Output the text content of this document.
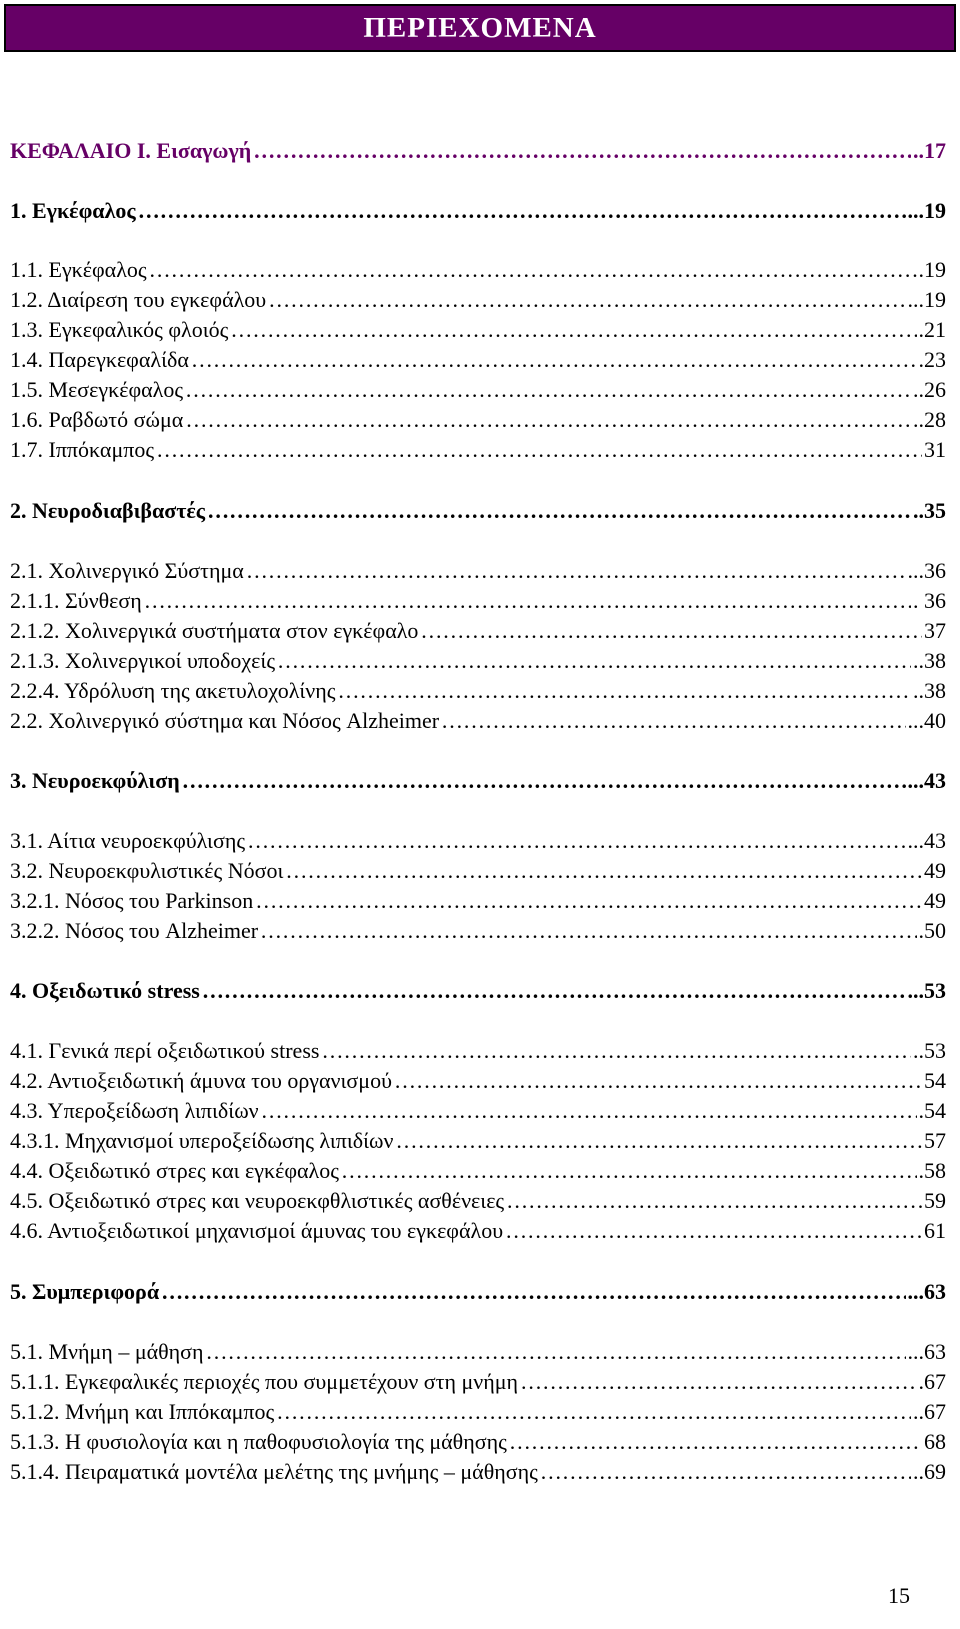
ΠΕΡΙΕΧΟΜΕΝΑ
ΚΕΦΑΛΑΙΟ Ι. Εισαγωγή ……………………………………………………………………………………………………………………………………………………………………………………………………………………	..17
1. Εγκέφαλος ……………………………………………………………………………………………………………………………………………………………………………………………………………………	...19
1.1. Εγκέφαλος ……………………………………………………………………………………………………………………………………………………………………………………………………………………	.19
1.2. Διαίρεση του εγκεφάλου ……………………………………………………………………………………………………………………………………………………………………………………………………………………	...19
1.3. Εγκεφαλικός φλοιός ……………………………………………………………………………………………………………………………………………………………………………………………………………………	.21
1.4. Παρεγκεφαλίδα ……………………………………………………………………………………………………………………………………………………………………………………………………………………	.23
1.5. Μεσεγκέφαλος ……………………………………………………………………………………………………………………………………………………………………………………………………………………	..26
1.6. Ραβδωτό σώμα ……………………………………………………………………………………………………………………………………………………………………………………………………………………	..28
1.7. Ιππόκαμπος ……………………………………………………………………………………………………………………………………………………………………………………………………………………	31
2. Νευροδιαβιβαστές ……………………………………………………………………………………………………………………………………………………………………………………………………………………	..35
2.1. Χολινεργικό Σύστημα ……………………………………………………………………………………………………………………………………………………………………………………………………………………	...36
2.1.1. Σύνθεση ……………………………………………………………………………………………………………………………………………………………………………………………………………………	. 36
2.1.2. Χολινεργικά συστήματα στον εγκέφαλο ……………………………………………………………………………………………………………………………………………………………………………………………………………………	37
2.1.3. Χολινεργικοί υποδοχείς ……………………………………………………………………………………………………………………………………………………………………………………………………………………	..38
2.2.4. Υδρόλυση της ακετυλοχολίνης ……………………………………………………………………………………………………………………………………………………………………………………………………………………	..38
2.2. Χολινεργικό σύστημα και Νόσος Alzheimer ……………………………………………………………………………………………………………………………………………………………………………………………………………………	...40
3. Νευροεκφύλιση ……………………………………………………………………………………………………………………………………………………………………………………………………………………	...43
3.1. Αίτια νευροεκφύλισης ……………………………………………………………………………………………………………………………………………………………………………………………………………………	...43
3.2. Νευροεκφυλιστικές Νόσοι ……………………………………………………………………………………………………………………………………………………………………………………………………………………	49
3.2.1. Νόσος του Parkinson ……………………………………………………………………………………………………………………………………………………………………………………………………………………	49
3.2.2. Νόσος του Alzheimer ……………………………………………………………………………………………………………………………………………………………………………………………………………………	.50
4. Οξειδωτικό stress ……………………………………………………………………………………………………………………………………………………………………………………………………………………	...53
4.1. Γενικά περί οξειδωτικού stress ……………………………………………………………………………………………………………………………………………………………………………………………………………………	..53
4.2. Αντιοξειδωτική άμυνα του οργανισμού ……………………………………………………………………………………………………………………………………………………………………………………………………………………	54
4.3. Υπεροξείδωση λιπιδίων ……………………………………………………………………………………………………………………………………………………………………………………………………………………	.54
4.3.1. Μηχανισμοί υπεροξείδωσης λιπιδίων ……………………………………………………………………………………………………………………………………………………………………………………………………………………	57
4.4. Οξειδωτικό στρες και εγκέφαλος ……………………………………………………………………………………………………………………………………………………………………………………………………………………	.58
4.5. Οξειδωτικό στρες και νευροεκφθλιστικές ασθένειες ……………………………………………………………………………………………………………………………………………………………………………………………………………………	59
4.6. Αντιοξειδωτικοί μηχανισμοί άμυνας του εγκεφάλου ……………………………………………………………………………………………………………………………………………………………………………………………………………………	61
5. Συμπεριφορά ……………………………………………………………………………………………………………………………………………………………………………………………………………………	...63
5.1. Μνήμη – μάθηση ……………………………………………………………………………………………………………………………………………………………………………………………………………………	...63
5.1.1. Εγκεφαλικές περιοχές που συμμετέχουν στη μνήμη ……………………………………………………………………………………………………………………………………………………………………………………………………………………	.67
5.1.2. Μνήμη και Ιππόκαμπος ……………………………………………………………………………………………………………………………………………………………………………………………………………………	..67
5.1.3. Η φυσιολογία και η παθοφυσιολογία της μάθησης ……………………………………………………………………………………………………………………………………………………………………………………………………………………	68
5.1.4. Πειραματικά μοντέλα μελέτης της μνήμης – μάθησης ……………………………………………………………………………………………………………………………………………………………………………………………………………………	..69
15
